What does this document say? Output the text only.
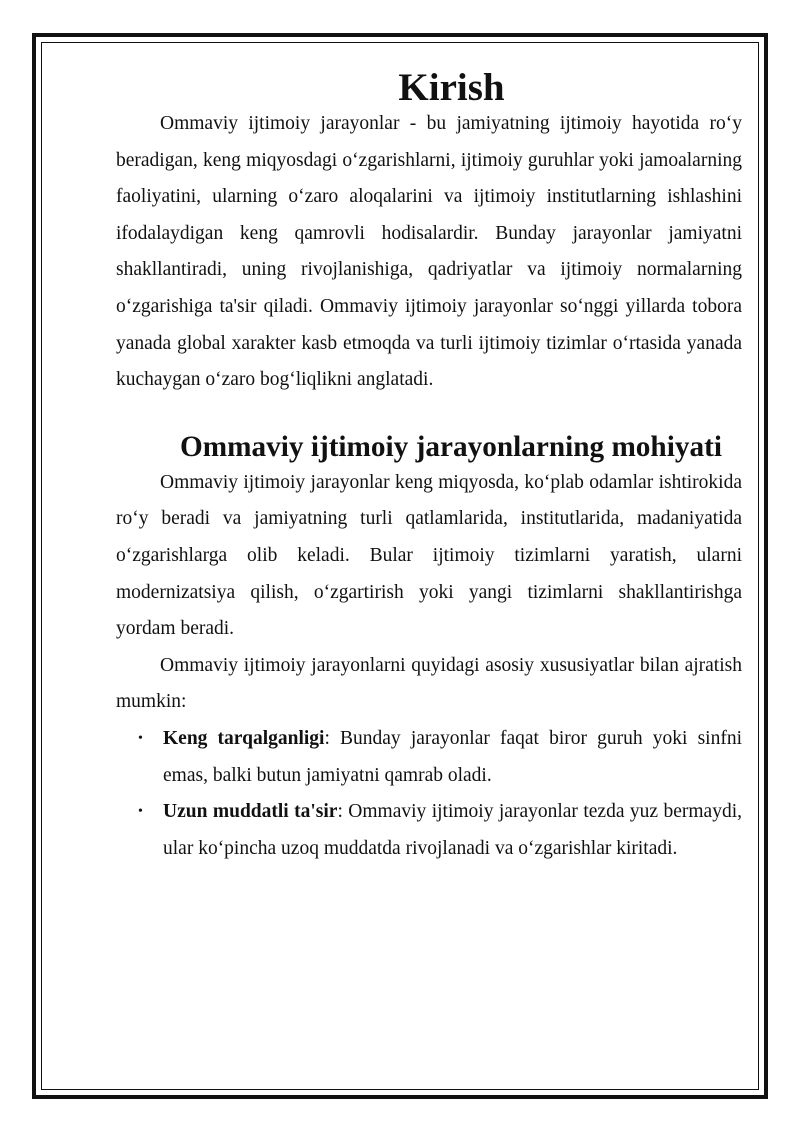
Kirish

Ommaviy ijtimoiy jarayonlar - bu jamiyatning ijtimoiy hayotida ro‘y beradigan, keng miqyosdagi o‘zgarishlarni, ijtimoiy guruhlar yoki jamoalarning faoliyatini, ularning o‘zaro aloqalarini va ijtimoiy institutlarning ishlashini ifodalaydigan keng qamrovli hodisalardir. Bunday jarayonlar jamiyatni shakllantiradi, uning rivojlanishiga, qadriyatlar va ijtimoiy normalarning o‘zgarishiga ta'sir qiladi. Ommaviy ijtimoiy jarayonlar so‘nggi yillarda tobora yanada global xarakter kasb etmoqda va turli ijtimoiy tizimlar o‘rtasida yanada kuchaygan o‘zaro bog‘liqlikni anglatadi.

Ommaviy ijtimoiy jarayonlarning mohiyati

Ommaviy ijtimoiy jarayonlar keng miqyosda, ko‘plab odamlar ishtirokida ro‘y beradi va jamiyatning turli qatlamlarida, institutlarida, madaniyatida o‘zgarishlarga olib keladi. Bular ijtimoiy tizimlarni yaratish, ularni modernizatsiya qilish, o‘zgartirish yoki yangi tizimlarni shakllantirishga yordam beradi.

Ommaviy ijtimoiy jarayonlarni quyidagi asosiy xususiyatlar bilan ajratish mumkin:

• Keng tarqalganligi: Bunday jarayonlar faqat biror guruh yoki sinfni emas, balki butun jamiyatni qamrab oladi.
• Uzun muddatli ta'sir: Ommaviy ijtimoiy jarayonlar tezda yuz bermaydi, ular ko‘pincha uzoq muddatda rivojlanadi va o‘zgarishlar kiritadi.
